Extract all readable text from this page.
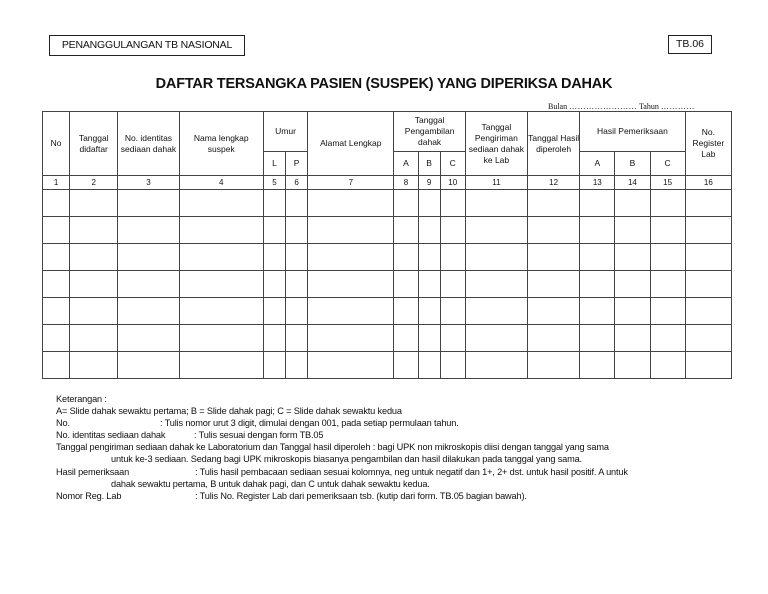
PENANGGULANGAN TB NASIONAL	TB.06
DAFTAR TERSANGKA PASIEN (SUSPEK) YANG DIPERIKSA DAHAK
Bulan …………………… Tahun …………
No	Tanggal didaftar	No. identitas sediaan dahak	Nama lengkap suspek	Umur		Alamat Lengkap	Tanggal Pengambilan dahak			Tanggal Pengiriman sediaan dahak ke Lab	Tanggal Hasil diperoleh	Hasil Pemeriksaan			No. Register Lab
				L	P		A	B	C			A	B	C	
1	2	3	4	5	6	7	8	9	10	11	12	13	14	15	16

Keterangan :
A= Slide dahak sewaktu pertama; B = Slide dahak pagi; C = Slide dahak sewaktu kedua
No.	: Tulis nomor urut 3 digit, dimulai dengan 001, pada setiap permulaan tahun.
No. identitas sediaan dahak	: Tulis sesuai dengan form TB.05
Tanggal pengiriman sediaan dahak ke Laboratorium dan Tanggal hasil diperoleh : bagi UPK non mikroskopis diisi dengan tanggal yang sama
untuk ke-3 sediaan. Sedang bagi UPK mikroskopis biasanya pengambilan dan hasil dilakukan pada tanggal yang sama.
Hasil pemeriksaan	: Tulis hasil pembacaan sediaan sesuai kolomnya, neg untuk negatif dan 1+, 2+ dst. untuk hasil positif. A untuk
dahak sewaktu pertama, B untuk dahak pagi, dan C untuk dahak sewaktu kedua.
Nomor Reg. Lab	: Tulis No. Register Lab dari pemeriksaan tsb. (kutip dari form. TB.05 bagian bawah).
